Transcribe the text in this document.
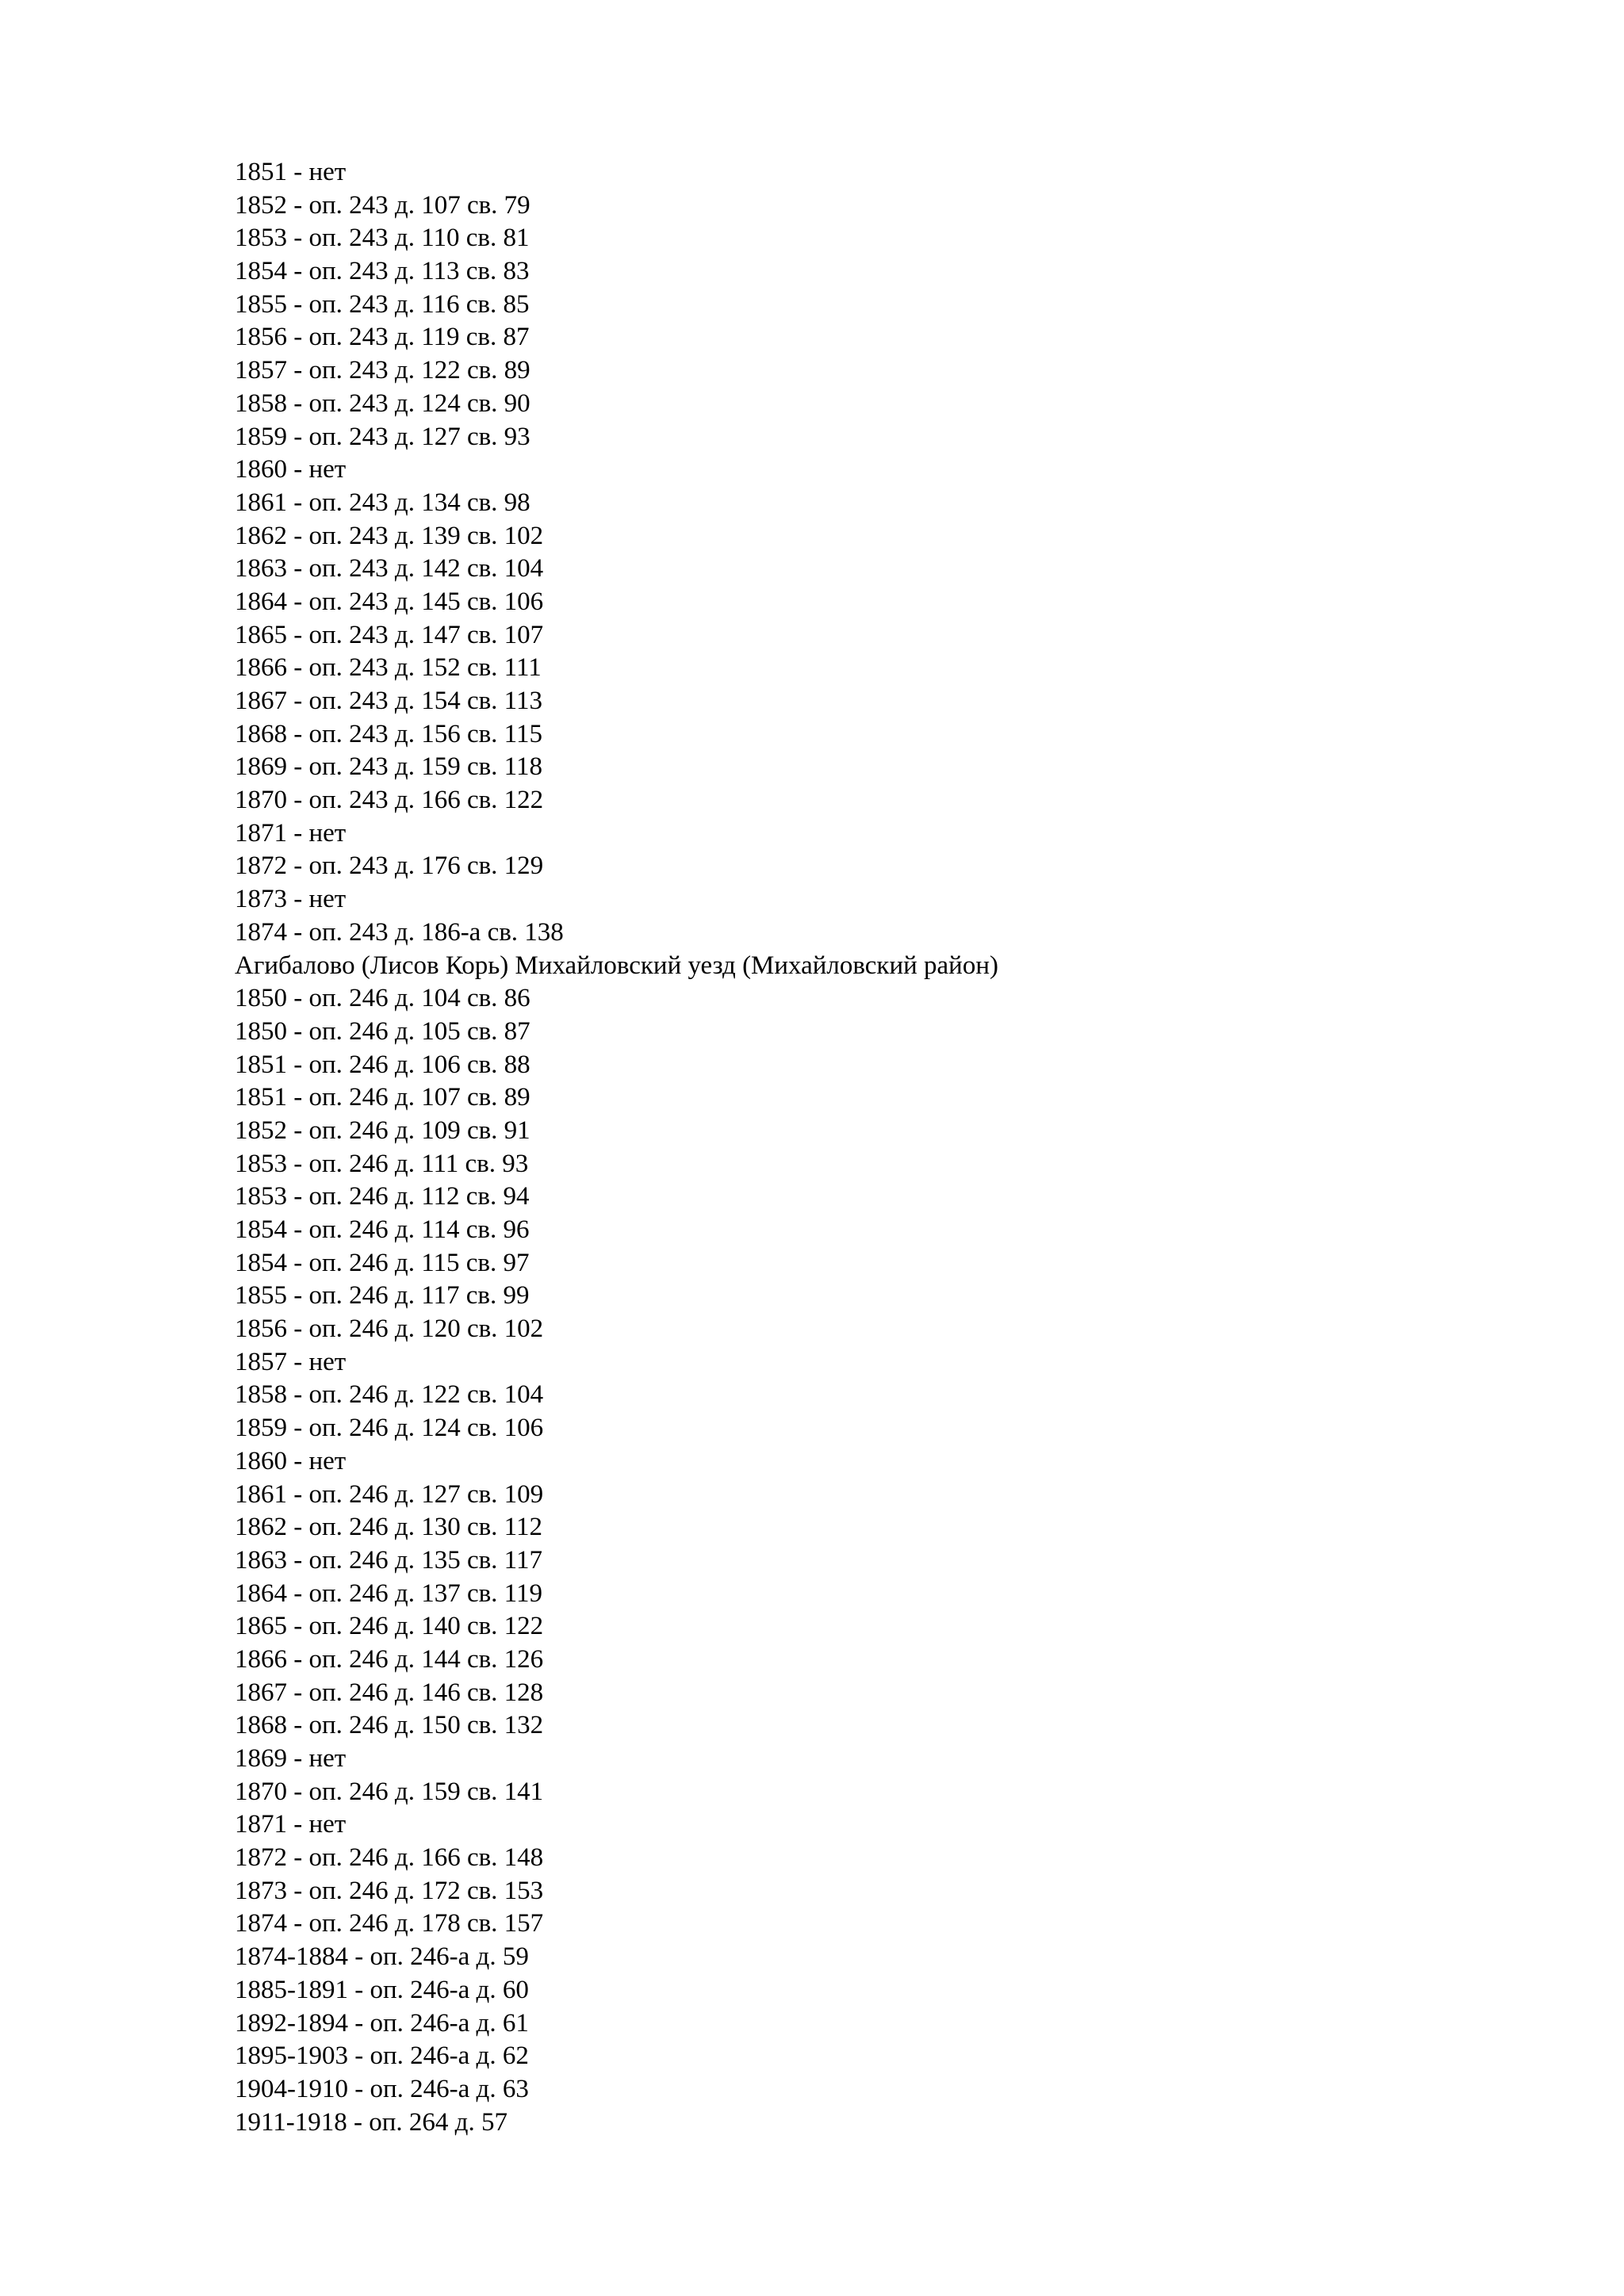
1851 - нет
1852 - оп. 243 д. 107 св. 79
1853 - оп. 243 д. 110 св. 81
1854 - оп. 243 д. 113 св. 83
1855 - оп. 243 д. 116 св. 85
1856 - оп. 243 д. 119 св. 87
1857 - оп. 243 д. 122 св. 89
1858 - оп. 243 д. 124 св. 90
1859 - оп. 243 д. 127 св. 93
1860 - нет
1861 - оп. 243 д. 134 св. 98
1862 - оп. 243 д. 139 св. 102
1863 - оп. 243 д. 142 св. 104
1864 - оп. 243 д. 145 св. 106
1865 - оп. 243 д. 147 св. 107
1866 - оп. 243 д. 152 св. 111
1867 - оп. 243 д. 154 св. 113
1868 - оп. 243 д. 156 св. 115
1869 - оп. 243 д. 159 св. 118
1870 - оп. 243 д. 166 св. 122
1871 - нет
1872 - оп. 243 д. 176 св. 129
1873 - нет
1874 - оп. 243 д. 186-а св. 138
Агибалово (Лисов Корь) Михайловский уезд (Михайловский район)
1850 - оп. 246 д. 104 св. 86
1850 - оп. 246 д. 105 св. 87
1851 - оп. 246 д. 106 св. 88
1851 - оп. 246 д. 107 св. 89
1852 - оп. 246 д. 109 св. 91
1853 - оп. 246 д. 111 св. 93
1853 - оп. 246 д. 112 св. 94
1854 - оп. 246 д. 114 св. 96
1854 - оп. 246 д. 115 св. 97
1855 - оп. 246 д. 117 св. 99
1856 - оп. 246 д. 120 св. 102
1857 - нет
1858 - оп. 246 д. 122 св. 104
1859 - оп. 246 д. 124 св. 106
1860 - нет
1861 - оп. 246 д. 127 св. 109
1862 - оп. 246 д. 130 св. 112
1863 - оп. 246 д. 135 св. 117
1864 - оп. 246 д. 137 св. 119
1865 - оп. 246 д. 140 св. 122
1866 - оп. 246 д. 144 св. 126
1867 - оп. 246 д. 146 св. 128
1868 - оп. 246 д. 150 св. 132
1869 - нет
1870 - оп. 246 д. 159 св. 141
1871 - нет
1872 - оп. 246 д. 166 св. 148
1873 - оп. 246 д. 172 св. 153
1874 - оп. 246 д. 178 св. 157
1874-1884 - оп. 246-а д. 59
1885-1891 - оп. 246-а д. 60
1892-1894 - оп. 246-а д. 61
1895-1903 - оп. 246-а д. 62
1904-1910 - оп. 246-а д. 63
1911-1918 - оп. 264 д. 57
